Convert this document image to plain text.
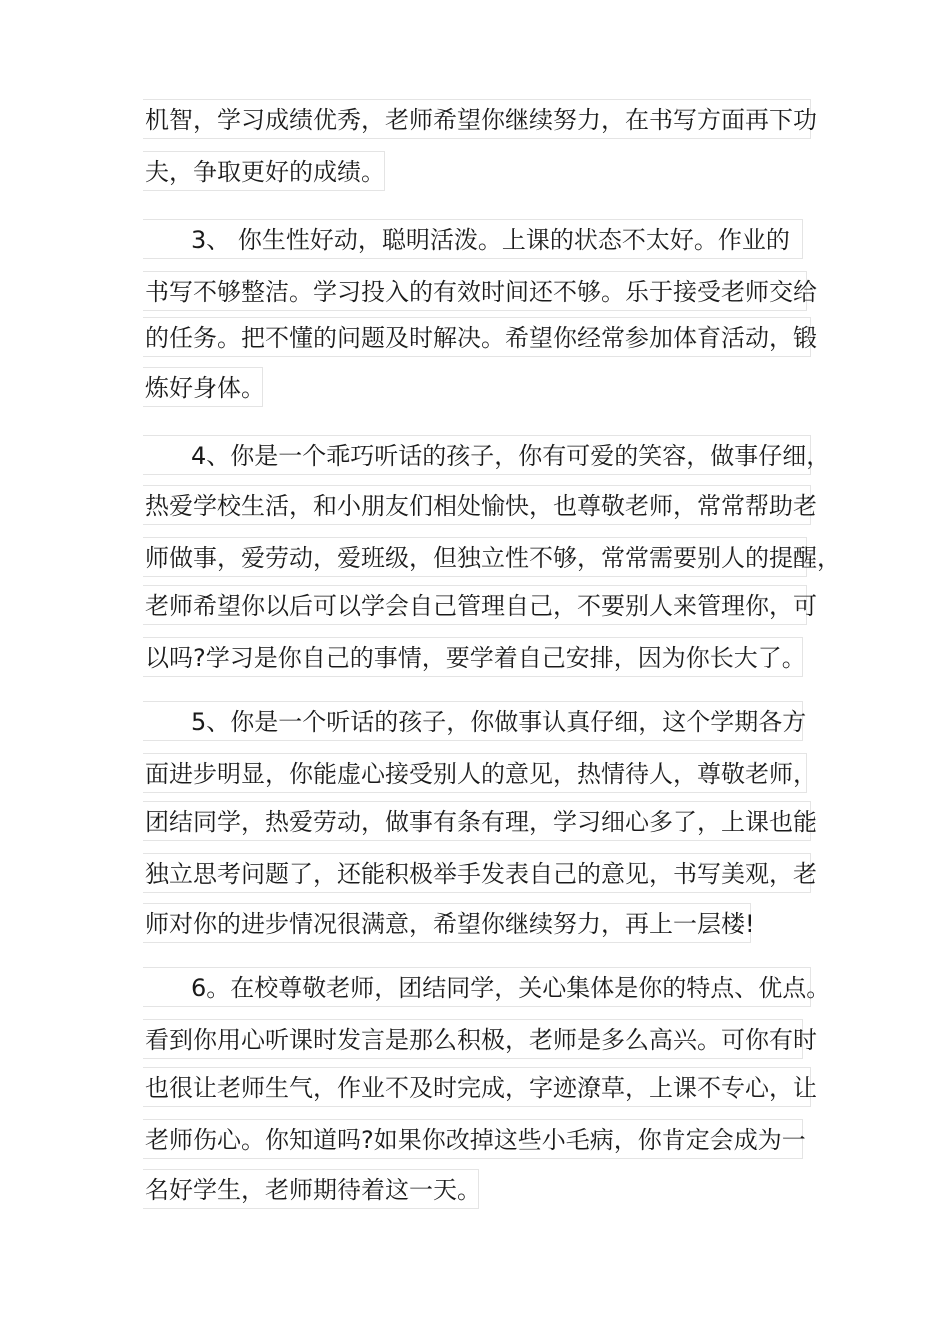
机智，学习成绩优秀，老师希望你继续努力，在书写方面再下功
夫，争取更好的成绩。
3、 你生性好动，聪明活泼。上课的状态不太好。作业的
书写不够整洁。学习投入的有效时间还不够。乐于接受老师交给
的任务。把不懂的问题及时解决。希望你经常参加体育活动，锻
炼好身体。
4、你是一个乖巧听话的孩子，你有可爱的笑容，做事仔细，
热爱学校生活，和小朋友们相处愉快，也尊敬老师，常常帮助老
师做事，爱劳动，爱班级，但独立性不够，常常需要别人的提醒，
老师希望你以后可以学会自己管理自己，不要别人来管理你，可
以吗?学习是你自己的事情，要学着自己安排，因为你长大了。
5、你是一个听话的孩子，你做事认真仔细，这个学期各方
面进步明显，你能虚心接受别人的意见，热情待人，尊敬老师，
团结同学，热爱劳动，做事有条有理，学习细心多了，上课也能
独立思考问题了，还能积极举手发表自己的意见，书写美观，老
师对你的进步情况很满意，希望你继续努力，再上一层楼!
6。在校尊敬老师，团结同学，关心集体是你的特点、优点。
看到你用心听课时发言是那么积极，老师是多么高兴。可你有时
也很让老师生气，作业不及时完成，字迹潦草，上课不专心，让
老师伤心。你知道吗?如果你改掉这些小毛病，你肯定会成为一
名好学生，老师期待着这一天。
